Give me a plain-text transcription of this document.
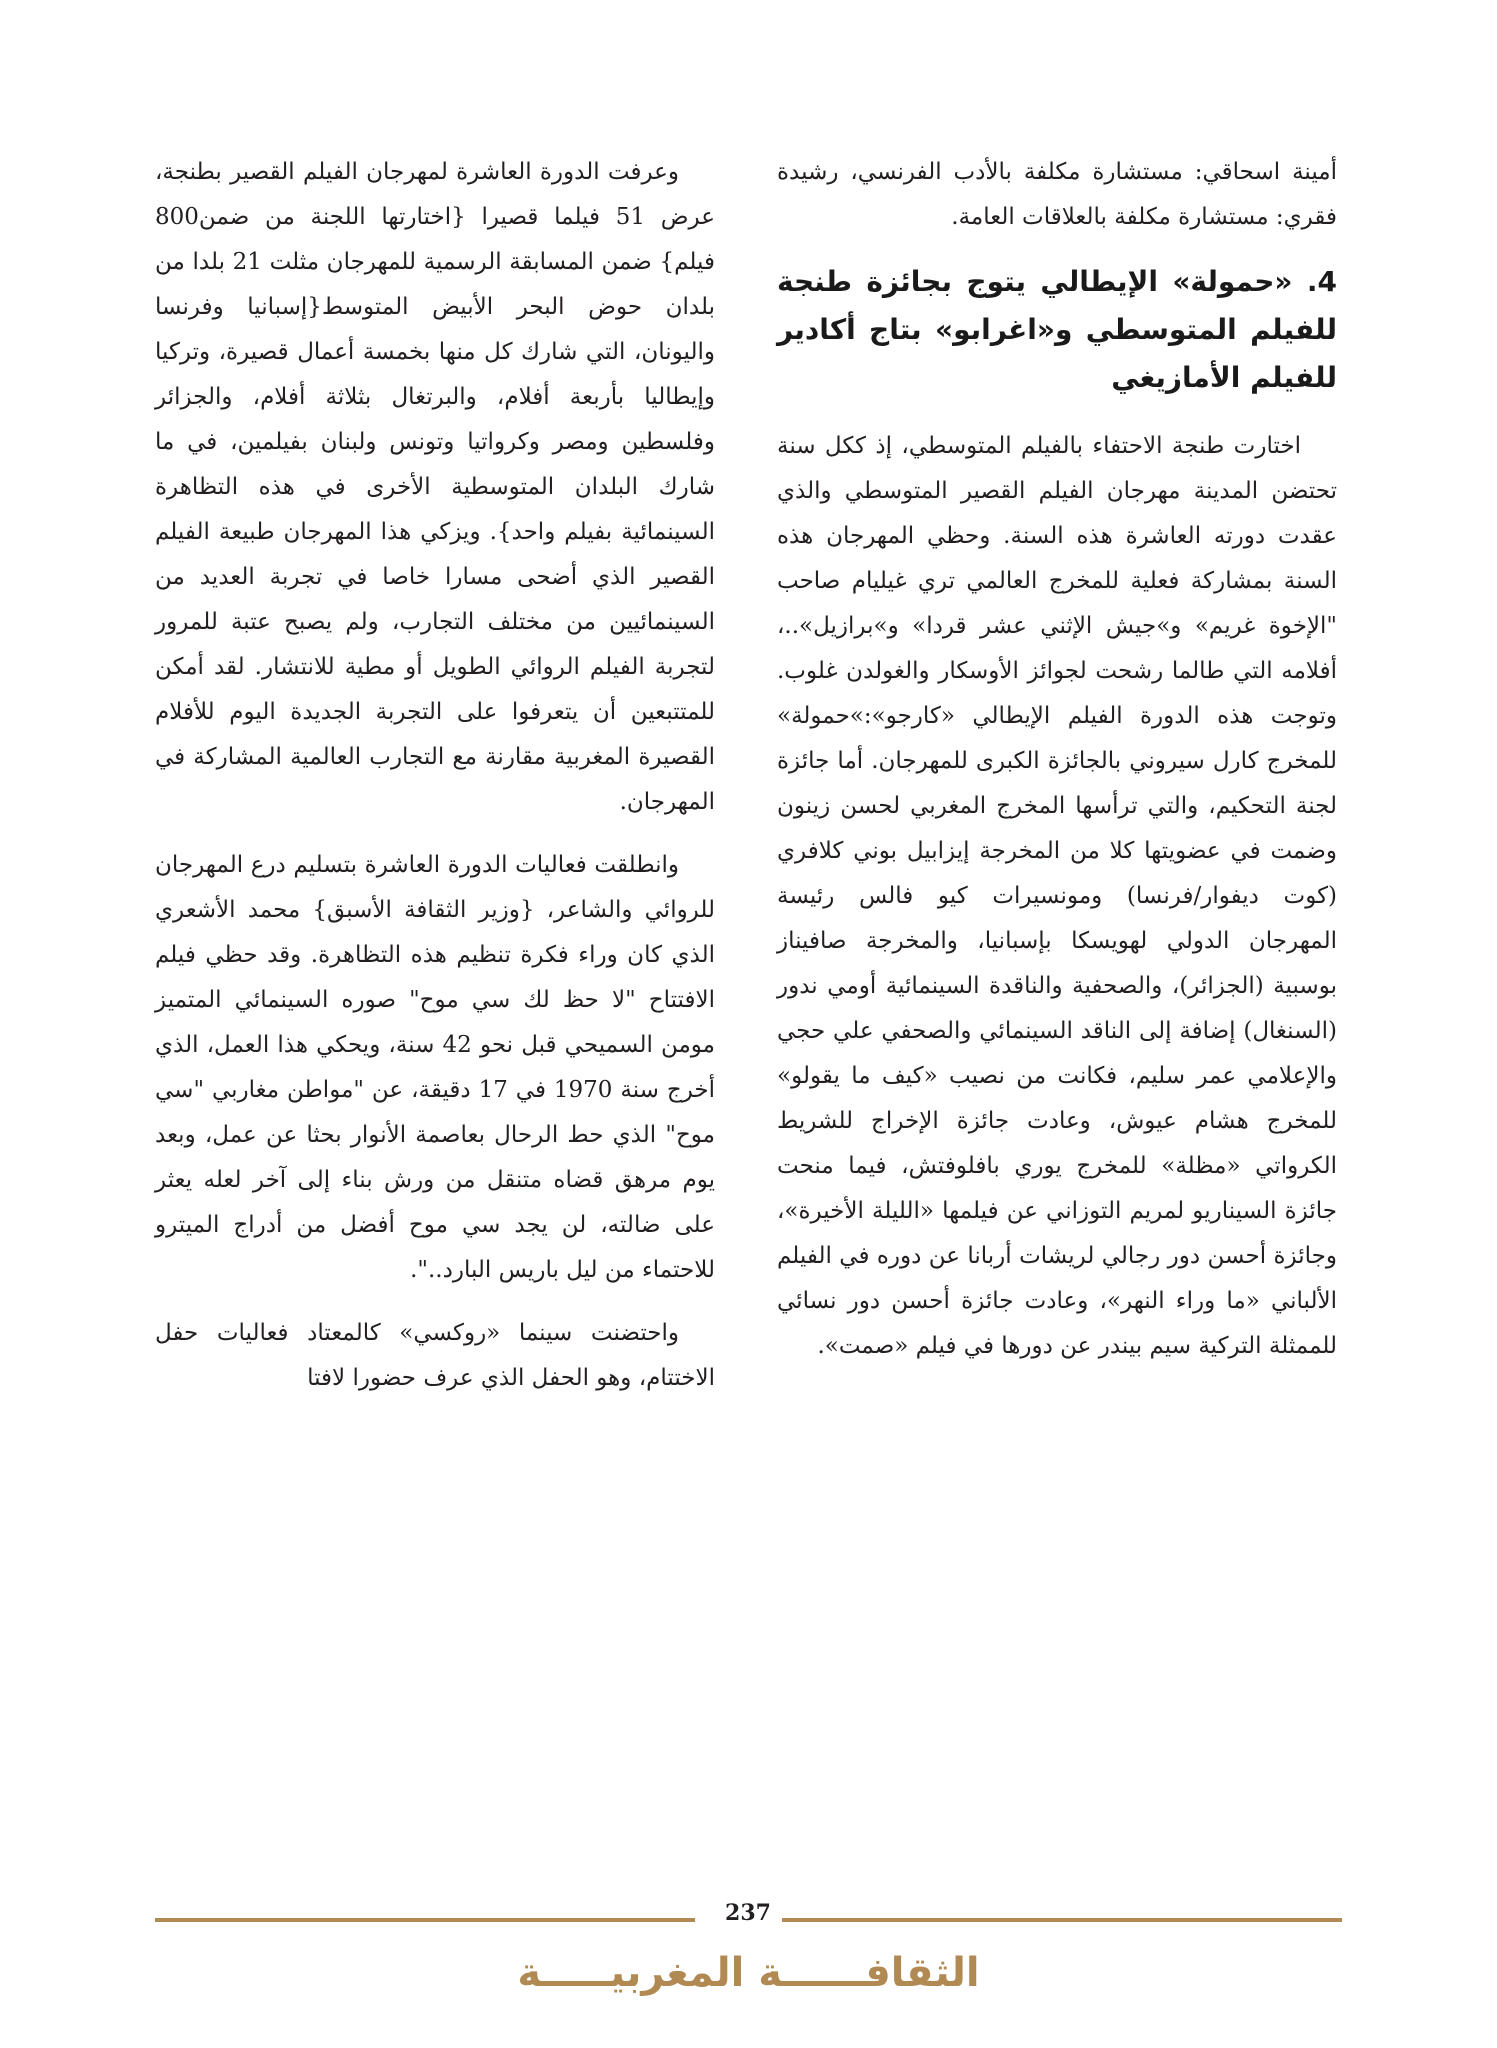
أمينة اسحاقي: مستشارة مكلفة بالأدب الفرنسي، رشيدة فقري: مستشارة مكلفة بالعلاقات العامة.

4. «حمولة» الإيطالي يتوج بجائزة طنجة للفيلم المتوسطي و«اغرابو» بتاج أكادير للفيلم الأمازيغي

اختارت طنجة الاحتفاء بالفيلم المتوسطي، إذ ككل سنة تحتضن المدينة مهرجان الفيلم القصير المتوسطي والذي عقدت دورته العاشرة هذه السنة. وحظي المهرجان هذه السنة بمشاركة فعلية للمخرج العالمي تري غيليام صاحب "الإخوة غريم» و»جيش الإثني عشر قردا» و»برازيل»..، أفلامه التي طالما رشحت لجوائز الأوسكار والغولدن غلوب. وتوجت هذه الدورة الفيلم الإيطالي «كارجو»:»حمولة» للمخرج كارل سيروني بالجائزة الكبرى للمهرجان. أما جائزة لجنة التحكيم، والتي ترأسها المخرج المغربي لحسن زينون وضمت في عضويتها كلا من المخرجة إيزابيل بوني كلافري (كوت ديفوار/فرنسا) ومونسيرات كيو فالس رئيسة المهرجان الدولي لهويسكا بإسبانيا، والمخرجة صافيناز بوسبية (الجزائر)، والصحفية والناقدة السينمائية أومي ندور (السنغال) إضافة إلى الناقد السينمائي والصحفي علي حجي والإعلامي عمر سليم، فكانت من نصيب «كيف ما يقولو» للمخرج هشام عيوش، وعادت جائزة الإخراج للشريط الكرواتي «مظلة» للمخرج يوري بافلوفتش، فيما منحت جائزة السيناريو لمريم التوزاني عن فيلمها «الليلة الأخيرة»، وجائزة أحسن دور رجالي لريشات أربانا عن دوره في الفيلم الألباني «ما وراء النهر»، وعادت جائزة أحسن دور نسائي للممثلة التركية سيم بيندر عن دورها في فيلم «صمت».

وعرفت الدورة العاشرة لمهرجان الفيلم القصير بطنجة، عرض 51 فيلما قصيرا {اختارتها اللجنة من ضمن800 فيلم} ضمن المسابقة الرسمية للمهرجان مثلت 21 بلدا من بلدان حوض البحر الأبيض المتوسط{إسبانيا وفرنسا واليونان، التي شارك كل منها بخمسة أعمال قصيرة، وتركيا وإيطاليا بأربعة أفلام، والبرتغال بثلاثة أفلام، والجزائر وفلسطين ومصر وكرواتيا وتونس ولبنان بفيلمين، في ما شارك البلدان المتوسطية الأخرى في هذه التظاهرة السينمائية بفيلم واحد}. ويزكي هذا المهرجان طبيعة الفيلم القصير الذي أضحى مسارا خاصا في تجربة العديد من السينمائيين من مختلف التجارب، ولم يصبح عتبة للمرور لتجربة الفيلم الروائي الطويل أو مطية للانتشار. لقد أمكن للمتتبعين أن يتعرفوا على التجربة الجديدة اليوم للأفلام القصيرة المغربية مقارنة مع التجارب العالمية المشاركة في المهرجان.

وانطلقت فعاليات الدورة العاشرة بتسليم درع المهرجان للروائي والشاعر، {وزير الثقافة الأسبق} محمد الأشعري الذي كان وراء فكرة تنظيم هذه التظاهرة. وقد حظي فيلم الافتتاح "لا حظ لك سي موح" صوره السينمائي المتميز مومن السميحي قبل نحو 42 سنة، ويحكي هذا العمل، الذي أخرج سنة 1970 في 17 دقيقة، عن "مواطن مغاربي "سي موح" الذي حط الرحال بعاصمة الأنوار بحثا عن عمل، وبعد يوم مرهق قضاه متنقل من ورش بناء إلى آخر لعله يعثر على ضالته، لن يجد سي موح أفضل من أدراج الميترو للاحتماء من ليل باريس البارد..".

واحتضنت سينما «روكسي» كالمعتاد فعاليات حفل الاختتام، وهو الحفل الذي عرف حضورا لافتا

237
الثقافــــــة المغربيـــــة
